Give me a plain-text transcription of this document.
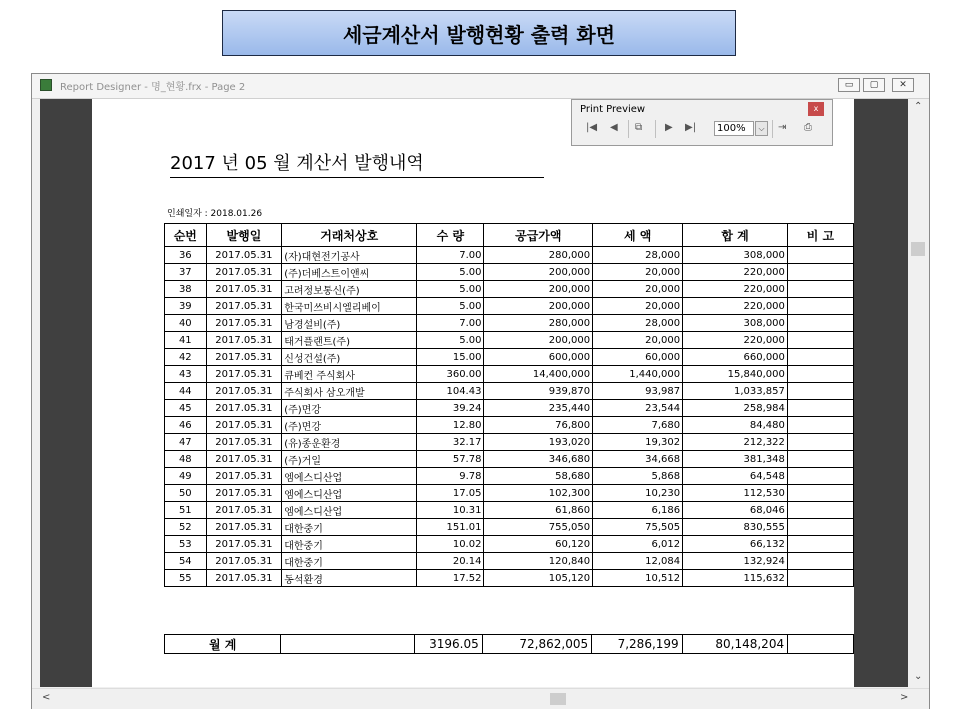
세금계산서 발행현황 출력 화면
Report Designer - 명_현황.frx - Page 2	▭	▢	✕
2017 년 05 월 계산서 발행내역
인쇄일자 : 2018.01.26
순번	발행일	거래처상호	수 량	공급가액	세 액	합 계	비 고
36	2017.05.31	(자)대현전기공사	7.00	280,000	28,000	308,000	
37	2017.05.31	(주)더베스트이앤씨	5.00	200,000	20,000	220,000	
38	2017.05.31	고려정보통신(주)	5.00	200,000	20,000	220,000	
39	2017.05.31	한국미쓰비시엘리베이	5.00	200,000	20,000	220,000	
40	2017.05.31	남경설비(주)	7.00	280,000	28,000	308,000	
41	2017.05.31	태거플랜트(주)	5.00	200,000	20,000	220,000	
42	2017.05.31	신성건설(주)	15.00	600,000	60,000	660,000	
43	2017.05.31	큐베컨 주식회사	360.00	14,400,000	1,440,000	15,840,000	
44	2017.05.31	주식회사 삼오개발	104.43	939,870	93,987	1,033,857	
45	2017.05.31	(주)면강	39.24	235,440	23,544	258,984	
46	2017.05.31	(주)면강	12.80	76,800	7,680	84,480	
47	2017.05.31	(유)종운환경	32.17	193,020	19,302	212,322	
48	2017.05.31	(주)거일	57.78	346,680	34,668	381,348	
49	2017.05.31	엠에스디산업	9.78	58,680	5,868	64,548	
50	2017.05.31	엠에스디산업	17.05	102,300	10,230	112,530	
51	2017.05.31	엠에스디산업	10.31	61,860	6,186	68,046	
52	2017.05.31	대한중기	151.01	755,050	75,505	830,555	
53	2017.05.31	대한중기	10.02	60,120	6,012	66,132	
54	2017.05.31	대한중기	20.14	120,840	12,084	132,924	
55	2017.05.31	동석환경	17.52	105,120	10,512	115,632	
월 계		3196.05	72,862,005	7,286,199	80,148,204	
Print Preview	x
|◀ ◀ ⧉ ▶ ▶|	100%	⌵	⇥ ⎙
⌃
⌄
<	>
